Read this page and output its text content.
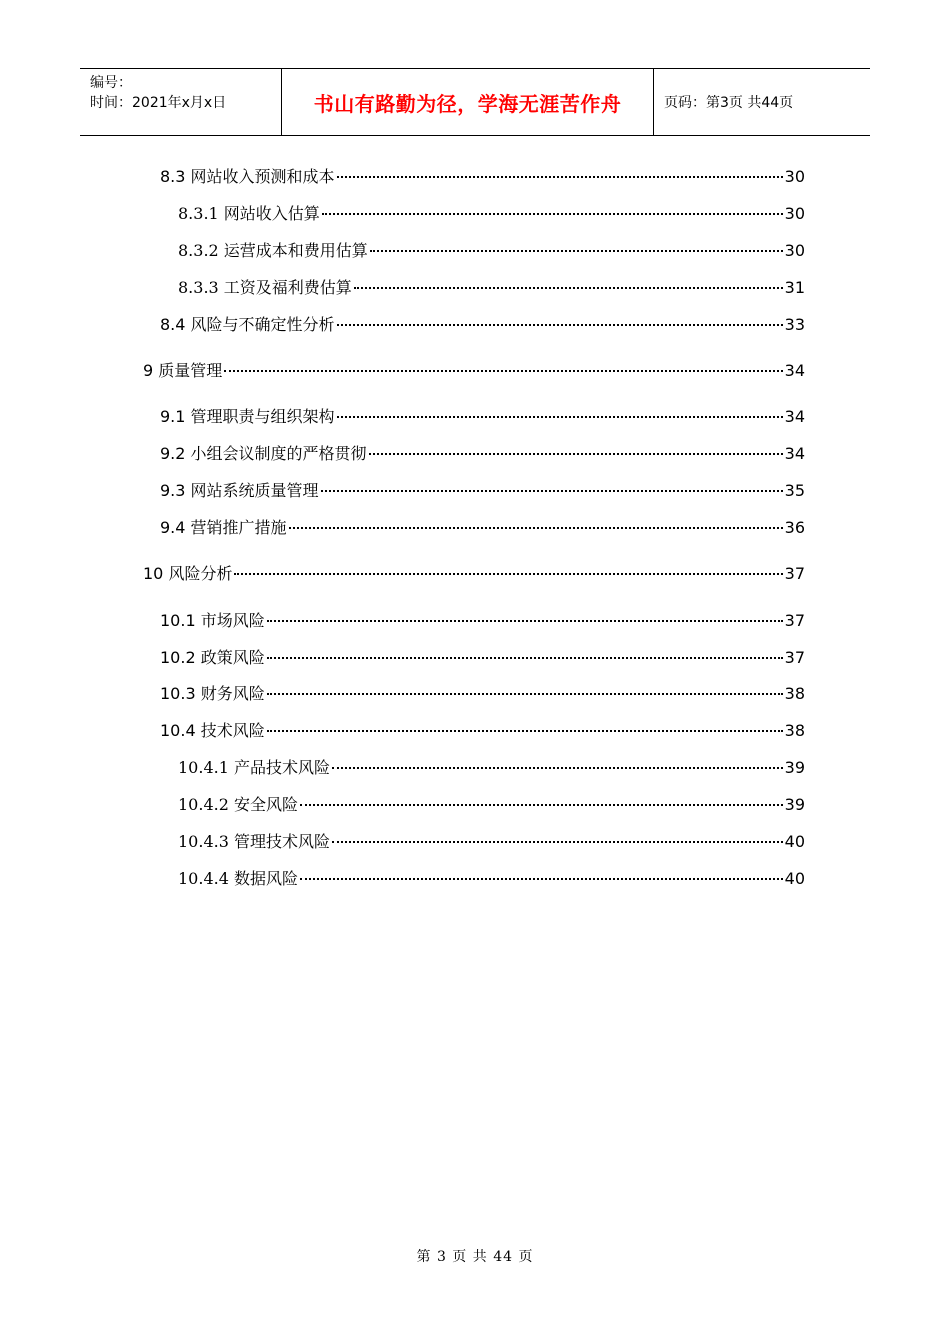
编号：
时间：2021年x月x日	书山有路勤为径，学海无涯苦作舟	页码：第3页 共44页
8.3 网站收入预测和成本	30
8.3.1 网站收入估算	30
8.3.2 运营成本和费用估算	30
8.3.3 工资及福利费估算	31
8.4 风险与不确定性分析	33
9 质量管理	34
9.1 管理职责与组织架构	34
9.2 小组会议制度的严格贯彻	34
9.3 网站系统质量管理	35
9.4 营销推广措施	36
10 风险分析	37
10.1 市场风险	37
10.2 政策风险	37
10.3 财务风险	38
10.4 技术风险	38
10.4.1 产品技术风险	39
10.4.2 安全风险	39
10.4.3 管理技术风险	40
10.4.4 数据风险	40
第 3 页 共 44 页
